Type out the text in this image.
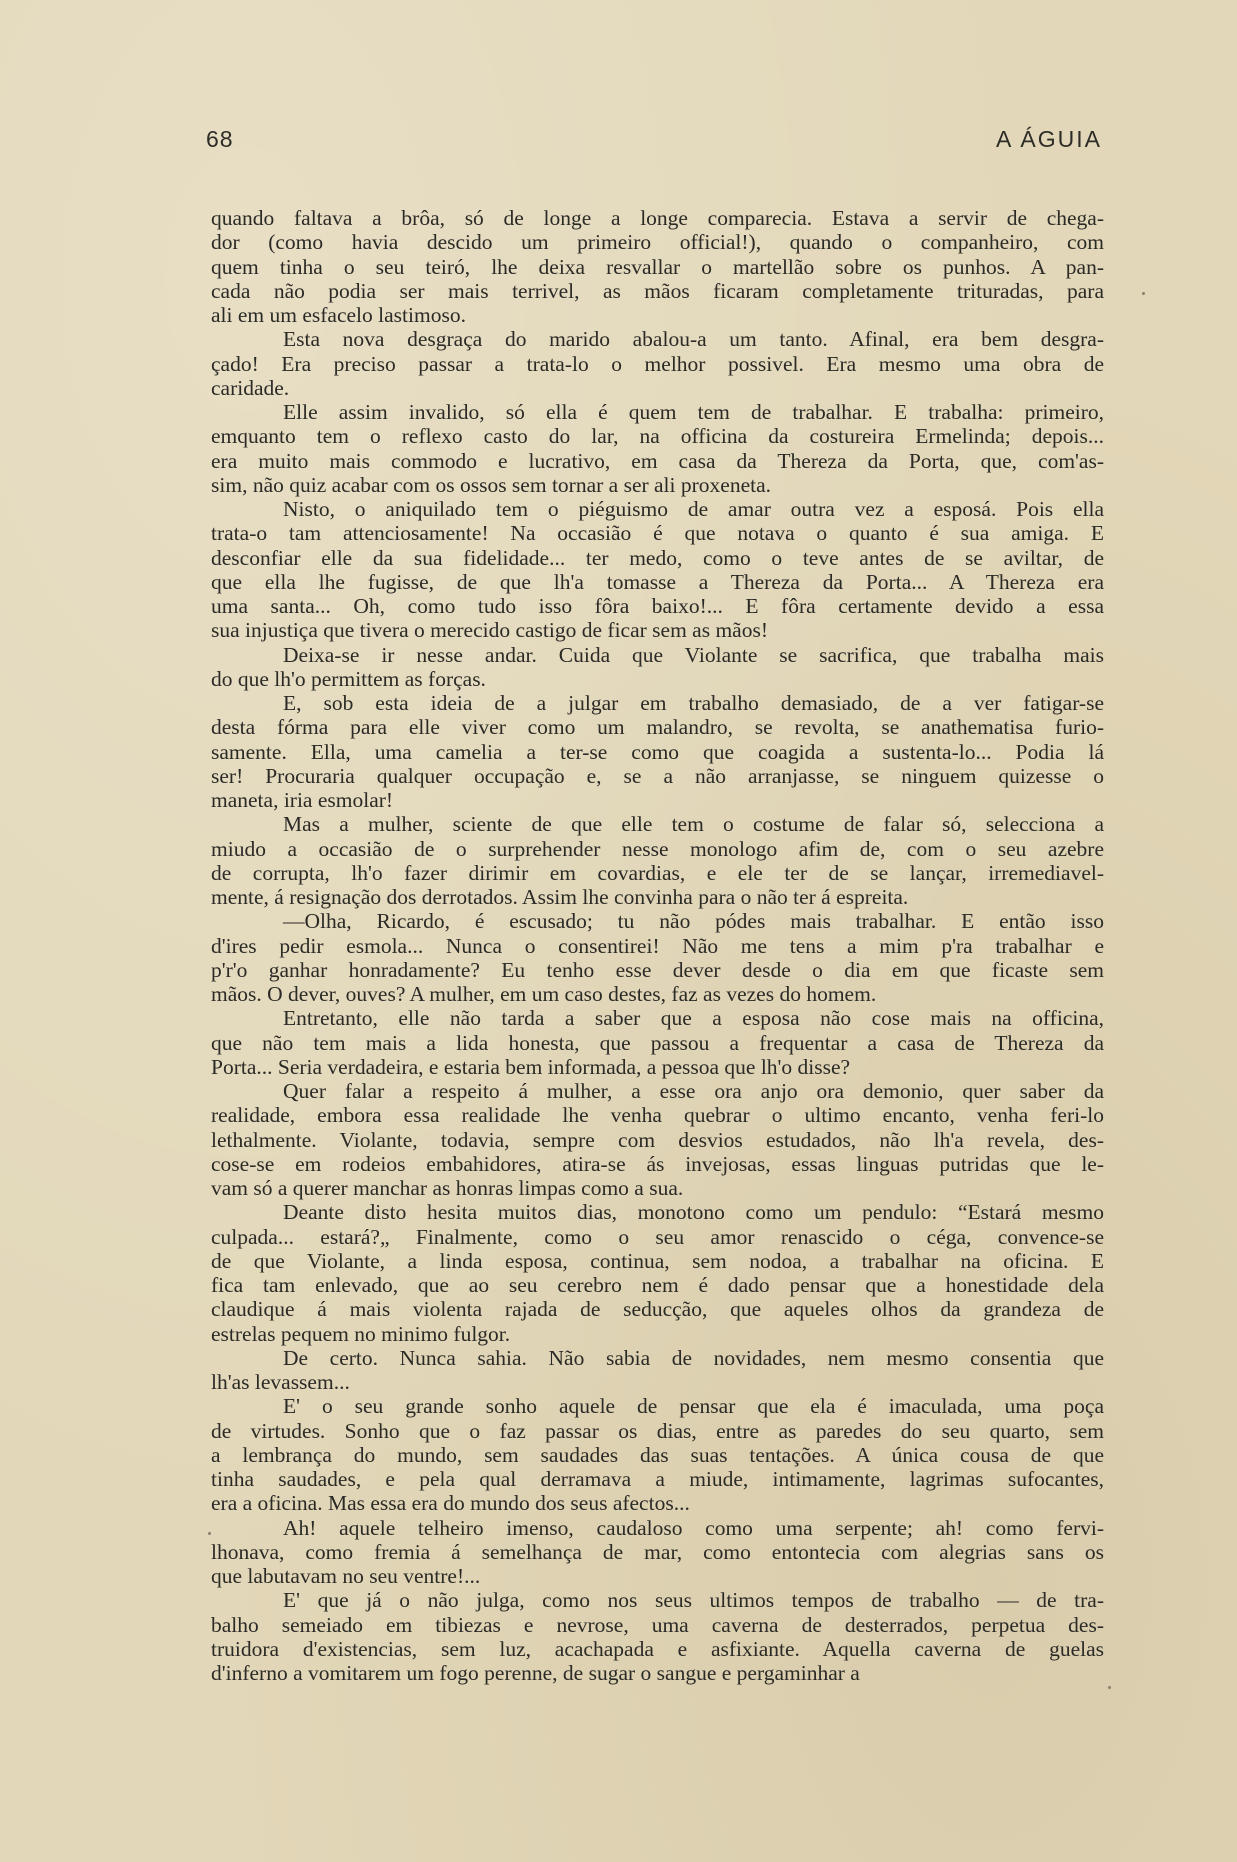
68	A ÁGUIA
quando faltava a brôa, só de longe a longe comparecia. Estava a servir de chega-
dor (como havia descido um primeiro official!), quando o companheiro, com
quem tinha o seu teiró, lhe deixa resvallar o martellão sobre os punhos. A pan-
cada não podia ser mais terrivel, as mãos ficaram completamente trituradas, para
ali em um esfacelo lastimoso.
Esta nova desgraça do marido abalou-a um tanto. Afinal, era bem desgra-
çado! Era preciso passar a trata-lo o melhor possivel. Era mesmo uma obra de
caridade.
Elle assim invalido, só ella é quem tem de trabalhar. E trabalha: primeiro,
emquanto tem o reflexo casto do lar, na officina da costureira Ermelinda; depois...
era muito mais commodo e lucrativo, em casa da Thereza da Porta, que, com'as-
sim, não quiz acabar com os ossos sem tornar a ser ali proxeneta.
Nisto, o aniquilado tem o piéguismo de amar outra vez a esposá. Pois ella
trata-o tam attenciosamente! Na occasião é que notava o quanto é sua amiga. E
desconfiar elle da sua fidelidade... ter medo, como o teve antes de se aviltar, de
que ella lhe fugisse, de que lh'a tomasse a Thereza da Porta... A Thereza era
uma santa... Oh, como tudo isso fôra baixo!... E fôra certamente devido a essa
sua injustiça que tivera o merecido castigo de ficar sem as mãos!
Deixa-se ir nesse andar. Cuida que Violante se sacrifica, que trabalha mais
do que lh'o permittem as forças.
E, sob esta ideia de a julgar em trabalho demasiado, de a ver fatigar-se
desta fórma para elle viver como um malandro, se revolta, se anathematisa furio-
samente. Ella, uma camelia a ter-se como que coagida a sustenta-lo... Podia lá
ser! Procuraria qualquer occupação e, se a não arranjasse, se ninguem quizesse o
maneta, iria esmolar!
Mas a mulher, sciente de que elle tem o costume de falar só, selecciona a
miudo a occasião de o surprehender nesse monologo afim de, com o seu azebre
de corrupta, lh'o fazer dirimir em covardias, e ele ter de se lançar, irremediavel-
mente, á resignação dos derrotados. Assim lhe convinha para o não ter á espreita.
—Olha, Ricardo, é escusado; tu não pódes mais trabalhar. E então isso
d'ires pedir esmola... Nunca o consentirei! Não me tens a mim p'ra trabalhar e
p'r'o ganhar honradamente? Eu tenho esse dever desde o dia em que ficaste sem
mãos. O dever, ouves? A mulher, em um caso destes, faz as vezes do homem.
Entretanto, elle não tarda a saber que a esposa não cose mais na officina,
que não tem mais a lida honesta, que passou a frequentar a casa de Thereza da
Porta... Seria verdadeira, e estaria bem informada, a pessoa que lh'o disse?
Quer falar a respeito á mulher, a esse ora anjo ora demonio, quer saber da
realidade, embora essa realidade lhe venha quebrar o ultimo encanto, venha feri-lo
lethalmente. Violante, todavia, sempre com desvios estudados, não lh'a revela, des-
cose-se em rodeios embahidores, atira-se ás invejosas, essas linguas putridas que le-
vam só a querer manchar as honras limpas como a sua.
Deante disto hesita muitos dias, monotono como um pendulo: “Estará mesmo
culpada... estará?„ Finalmente, como o seu amor renascido o céga, convence-se
de que Violante, a linda esposa, continua, sem nodoa, a trabalhar na oficina. E
fica tam enlevado, que ao seu cerebro nem é dado pensar que a honestidade dela
claudique á mais violenta rajada de seducção, que aqueles olhos da grandeza de
estrelas pequem no minimo fulgor.
De certo. Nunca sahia. Não sabia de novidades, nem mesmo consentia que
lh'as levassem...
E' o seu grande sonho aquele de pensar que ela é imaculada, uma poça
de virtudes. Sonho que o faz passar os dias, entre as paredes do seu quarto, sem
a lembrança do mundo, sem saudades das suas tentações. A única cousa de que
tinha saudades, e pela qual derramava a miude, intimamente, lagrimas sufocantes,
era a oficina. Mas essa era do mundo dos seus afectos...
Ah! aquele telheiro imenso, caudaloso como uma serpente; ah! como fervi-
lhonava, como fremia á semelhança de mar, como entontecia com alegrias sans os
que labutavam no seu ventre!...
E' que já o não julga, como nos seus ultimos tempos de trabalho — de tra-
balho semeiado em tibiezas e nevrose, uma caverna de desterrados, perpetua des-
truidora d'existencias, sem luz, acachapada e asfixiante. Aquella caverna de guelas
d'inferno a vomitarem um fogo perenne, de sugar o sangue e pergaminhar a
